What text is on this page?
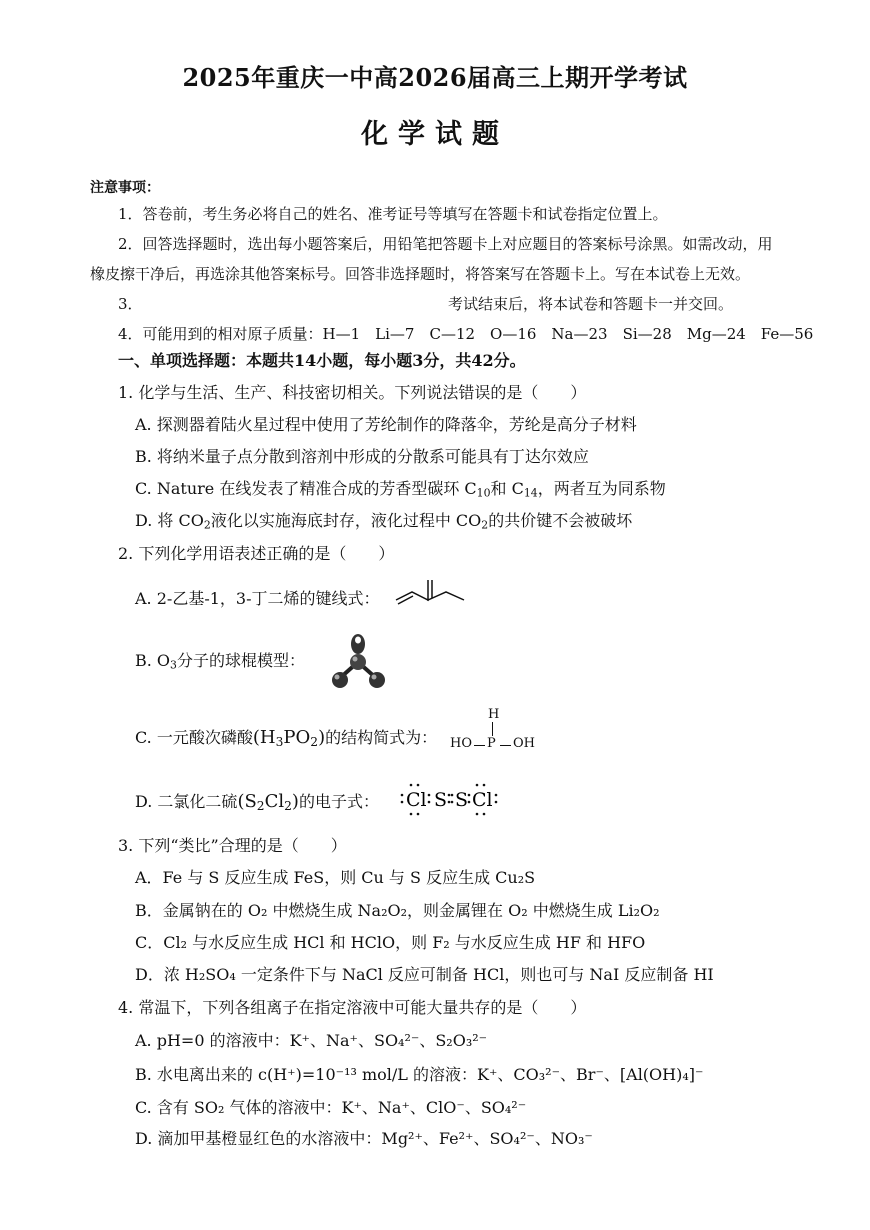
2025年重庆一中高2026届高三上期开学考试
化学试题
注意事项：
1．答卷前，考生务必将自己的姓名、准考证号等填写在答题卡和试卷指定位置上。
2．回答选择题时，选出每小题答案后，用铅笔把答题卡上对应题目的答案标号涂黑。如需改动，用
橡皮擦干净后，再选涂其他答案标号。回答非选择题时，将答案写在答题卡上。写在本试卷上无效。
3．	考试结束后，将本试卷和答题卡一并交回。
4．可能用到的相对原子质量：H—1　Li—7　C—12　O—16　Na—23　Si—28　Mg—24　Fe—56
一、单项选择题：本题共14小题，每小题3分，共42分。
1. 化学与生活、生产、科技密切相关。下列说法错误的是（　　）
A. 探测器着陆火星过程中使用了芳纶制作的降落伞，芳纶是高分子材料
B. 将纳米量子点分散到溶剂中形成的分散系可能具有丁达尔效应
C. Nature 在线发表了精准合成的芳香型碳环 $C_{10}$和 $C_{14}$，两者互为同系物
D. 将 $CO_2$液化以实施海底封存，液化过程中 $CO_2$的共价键不会被破坏
2. 下列化学用语表述正确的是（　　）
A. 2-乙基-1，3-丁二烯的键线式：
B. $O_3$分子的球棍模型：
C. 一元酸次磷酸$(H_3PO_2)$的结构简式为：
H
HO P OH
D. 二氯化二硫$(S_2Cl_2)$的电子式： Cl S S Cl
3. 下列“类比”合理的是（　　）
A．Fe 与 S 反应生成 FeS，则 Cu 与 S 反应生成 Cu₂S
B．金属钠在的 O₂ 中燃烧生成 Na₂O₂，则金属锂在 O₂ 中燃烧生成 Li₂O₂
C．Cl₂ 与水反应生成 HCl 和 HClO，则 F₂ 与水反应生成 HF 和 HFO
D．浓 H₂SO₄ 一定条件下与 NaCl 反应可制备 HCl，则也可与 NaI 反应制备 HI
4. 常温下，下列各组离子在指定溶液中可能大量共存的是（　　）
A. pH=0 的溶液中：K⁺、Na⁺、SO₄²⁻、S₂O₃²⁻
B. 水电离出来的 c(H⁺)=10⁻¹³ mol/L 的溶液：K⁺、CO₃²⁻、Br⁻、[Al(OH)₄]⁻
C. 含有 SO₂ 气体的溶液中：K⁺、Na⁺、ClO⁻、SO₄²⁻
D. 滴加甲基橙显红色的水溶液中：Mg²⁺、Fe²⁺、SO₄²⁻、NO₃⁻
